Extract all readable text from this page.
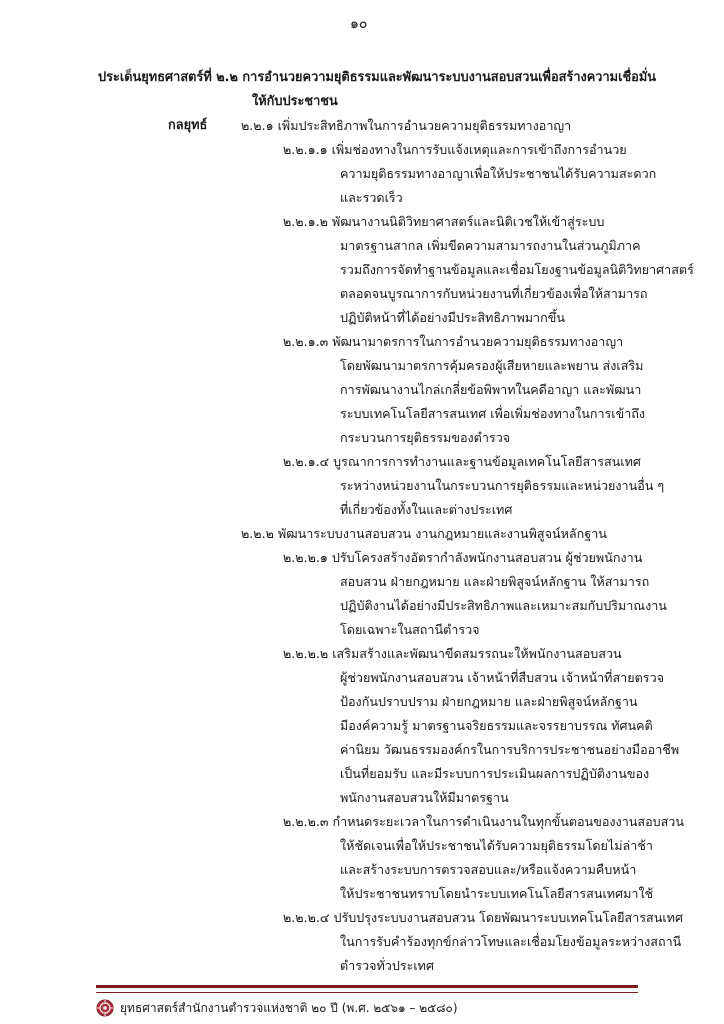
๑๐
ประเด็นยุทธศาสตร์ที่ ๒.๒ การอำนวยความยุติธรรมและพัฒนาระบบงานสอบสวนเพื่อสร้างความเชื่อมั่น
ให้กับประชาชน
กลยุทธ์	๒.๒.๑ เพิ่มประสิทธิภาพในการอำนวยความยุติธรรมทางอาญา
๒.๒.๑.๑ เพิ่มช่องทางในการรับแจ้งเหตุและการเข้าถึงการอำนวย
ความยุติธรรมทางอาญาเพื่อให้ประชาชนได้รับความสะดวก
และรวดเร็ว
๒.๒.๑.๒ พัฒนางานนิติวิทยาศาสตร์และนิติเวชให้เข้าสู่ระบบ
มาตรฐานสากล เพิ่มขีดความสามารถงานในส่วนภูมิภาค
รวมถึงการจัดทำฐานข้อมูลและเชื่อมโยงฐานข้อมูลนิติวิทยาศาสตร์
ตลอดจนบูรณาการกับหน่วยงานที่เกี่ยวข้องเพื่อให้สามารถ
ปฏิบัติหน้าที่ได้อย่างมีประสิทธิภาพมากขึ้น
๒.๒.๑.๓ พัฒนามาตรการในการอำนวยความยุติธรรมทางอาญา
โดยพัฒนามาตรการคุ้มครองผู้เสียหายและพยาน ส่งเสริม
การพัฒนางานไกล่เกลี่ยข้อพิพาทในคดีอาญา และพัฒนา
ระบบเทคโนโลยีสารสนเทศ เพื่อเพิ่มช่องทางในการเข้าถึง
กระบวนการยุติธรรมของตำรวจ
๒.๒.๑.๔ บูรณาการการทำงานและฐานข้อมูลเทคโนโลยีสารสนเทศ
ระหว่างหน่วยงานในกระบวนการยุติธรรมและหน่วยงานอื่น ๆ
ที่เกี่ยวข้องทั้งในและต่างประเทศ
๒.๒.๒ พัฒนาระบบงานสอบสวน งานกฎหมายและงานพิสูจน์หลักฐาน
๒.๒.๒.๑ ปรับโครงสร้างอัตรากำลังพนักงานสอบสวน ผู้ช่วยพนักงาน
สอบสวน ฝ่ายกฎหมาย และฝ่ายพิสูจน์หลักฐาน ให้สามารถ
ปฏิบัติงานได้อย่างมีประสิทธิภาพและเหมาะสมกับปริมาณงาน
โดยเฉพาะในสถานีตำรวจ
๒.๒.๒.๒ เสริมสร้างและพัฒนาขีดสมรรถนะให้พนักงานสอบสวน
ผู้ช่วยพนักงานสอบสวน เจ้าหน้าที่สืบสวน เจ้าหน้าที่สายตรวจ
ป้องกันปราบปราม ฝ่ายกฎหมาย และฝ่ายพิสูจน์หลักฐาน
มีองค์ความรู้ มาตรฐานจริยธรรมและจรรยาบรรณ ทัศนคติ
ค่านิยม วัฒนธรรมองค์กรในการบริการประชาชนอย่างมืออาชีพ
เป็นที่ยอมรับ และมีระบบการประเมินผลการปฏิบัติงานของ
พนักงานสอบสวนให้มีมาตรฐาน
๒.๒.๒.๓ กำหนดระยะเวลาในการดำเนินงานในทุกขั้นตอนของงานสอบสวน
ให้ชัดเจนเพื่อให้ประชาชนได้รับความยุติธรรมโดยไม่ล่าช้า
และสร้างระบบการตรวจสอบและ/หรือแจ้งความคืบหน้า
ให้ประชาชนทราบโดยนำระบบเทคโนโลยีสารสนเทศมาใช้
๒.๒.๒.๔ ปรับปรุงระบบงานสอบสวน โดยพัฒนาระบบเทคโนโลยีสารสนเทศ
ในการรับคำร้องทุกข์กล่าวโทษและเชื่อมโยงข้อมูลระหว่างสถานี
ตำรวจทั่วประเทศ
ยุทธศาสตร์สำนักงานตำรวจแห่งชาติ ๒๐ ปี (พ.ศ. ๒๕๖๑ – ๒๕๘๐)
